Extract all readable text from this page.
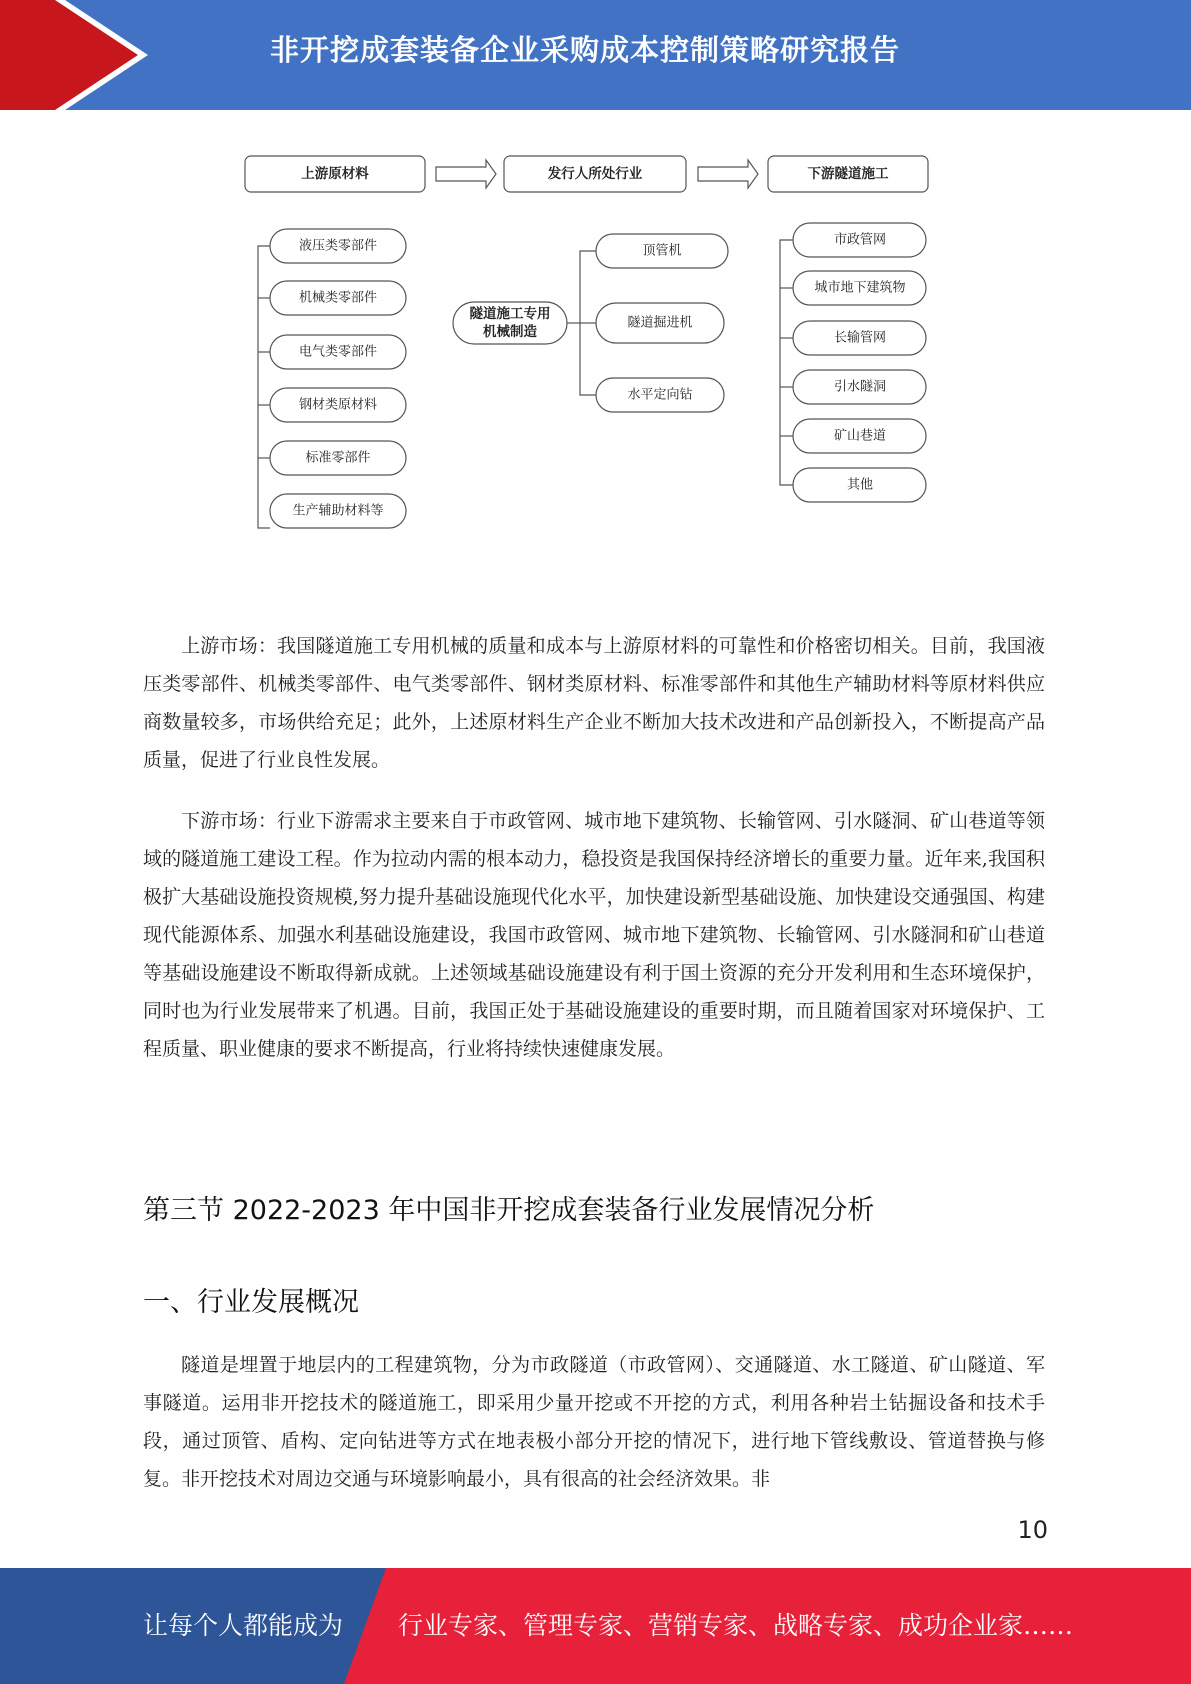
非开挖成套装备企业采购成本控制策略研究报告
上游原材料	发行人所处行业	下游隧道施工
液压类零部件
机械类零部件
电气类零部件
钢材类原材料
标准零部件
生产辅助材料等
隧道施工专用
机械制造
顶管机
隧道掘进机
水平定向钻
市政管网
城市地下建筑物
长输管网
引水隧洞
矿山巷道
其他

上游市场：我国隧道施工专用机械的质量和成本与上游原材料的可靠性和价格密切相关。目前，我国液压类零部件、机械类零部件、电气类零部件、钢材类原材料、标准零部件和其他生产辅助材料等原材料供应商数量较多，市场供给充足；此外，上述原材料生产企业不断加大技术改进和产品创新投入，不断提高产品质量，促进了行业良性发展。

下游市场：行业下游需求主要来自于市政管网、城市地下建筑物、长输管网、引水隧洞、矿山巷道等领域的隧道施工建设工程。作为拉动内需的根本动力，稳投资是我国保持经济增长的重要力量。近年来,我国积极扩大基础设施投资规模,努力提升基础设施现代化水平，加快建设新型基础设施、加快建设交通强国、构建现代能源体系、加强水利基础设施建设，我国市政管网、城市地下建筑物、长输管网、引水隧洞和矿山巷道等基础设施建设不断取得新成就。上述领域基础设施建设有利于国土资源的充分开发利用和生态环境保护，同时也为行业发展带来了机遇。目前，我国正处于基础设施建设的重要时期，而且随着国家对环境保护、工程质量、职业健康的要求不断提高，行业将持续快速健康发展。

第三节 2022-2023 年中国非开挖成套装备行业发展情况分析
一、行业发展概况

隧道是埋置于地层内的工程建筑物，分为市政隧道（市政管网）、交通隧道、水工隧道、矿山隧道、军事隧道。运用非开挖技术的隧道施工，即采用少量开挖或不开挖的方式，利用各种岩土钻掘设备和技术手段，通过顶管、盾构、定向钻进等方式在地表极小部分开挖的情况下，进行地下管线敷设、管道替换与修复。非开挖技术对周边交通与环境影响最小，具有很高的社会经济效果。非

10
让每个人都能成为 行业专家、管理专家、营销专家、战略专家、成功企业家……
